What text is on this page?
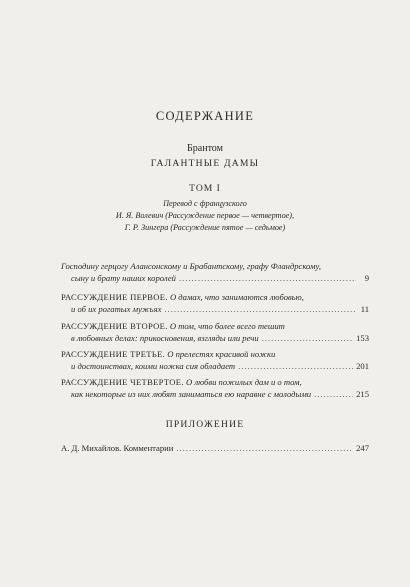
СОДЕРЖАНИЕ
Брантом
ГАЛАНТНЫЕ ДАМЫ
ТОМ I
Перевод с французского
И. Я. Волевич (Рассуждение первое — четвертое),
Г. Р. Зингера (Рассуждение пятое — седьмое)
Господину герцогу Алансонскому и Брабантскому, графу Фландрскому,
сыну и брату наших королей .....	9
РАССУЖДЕНИЕ ПЕРВОЕ. О дамах, что занимаются любовью,
и об их рогатых мужьях .....	11
РАССУЖДЕНИЕ ВТОРОЕ. О том, что более всего тешит
в любовных делах: прикосновения, взгляды или речи .....	153
РАССУЖДЕНИЕ ТРЕТЬЕ. О прелестях красивой ножки
и достоинствах, коими ножка сия обладает .....	201
РАССУЖДЕНИЕ ЧЕТВЕРТОЕ. О любви пожилых дам и о том,
как некоторые из них любят заниматься ею наравне с молодыми .....	215
ПРИЛОЖЕНИЕ
А. Д. Михайлов. Комментарии .....	247
